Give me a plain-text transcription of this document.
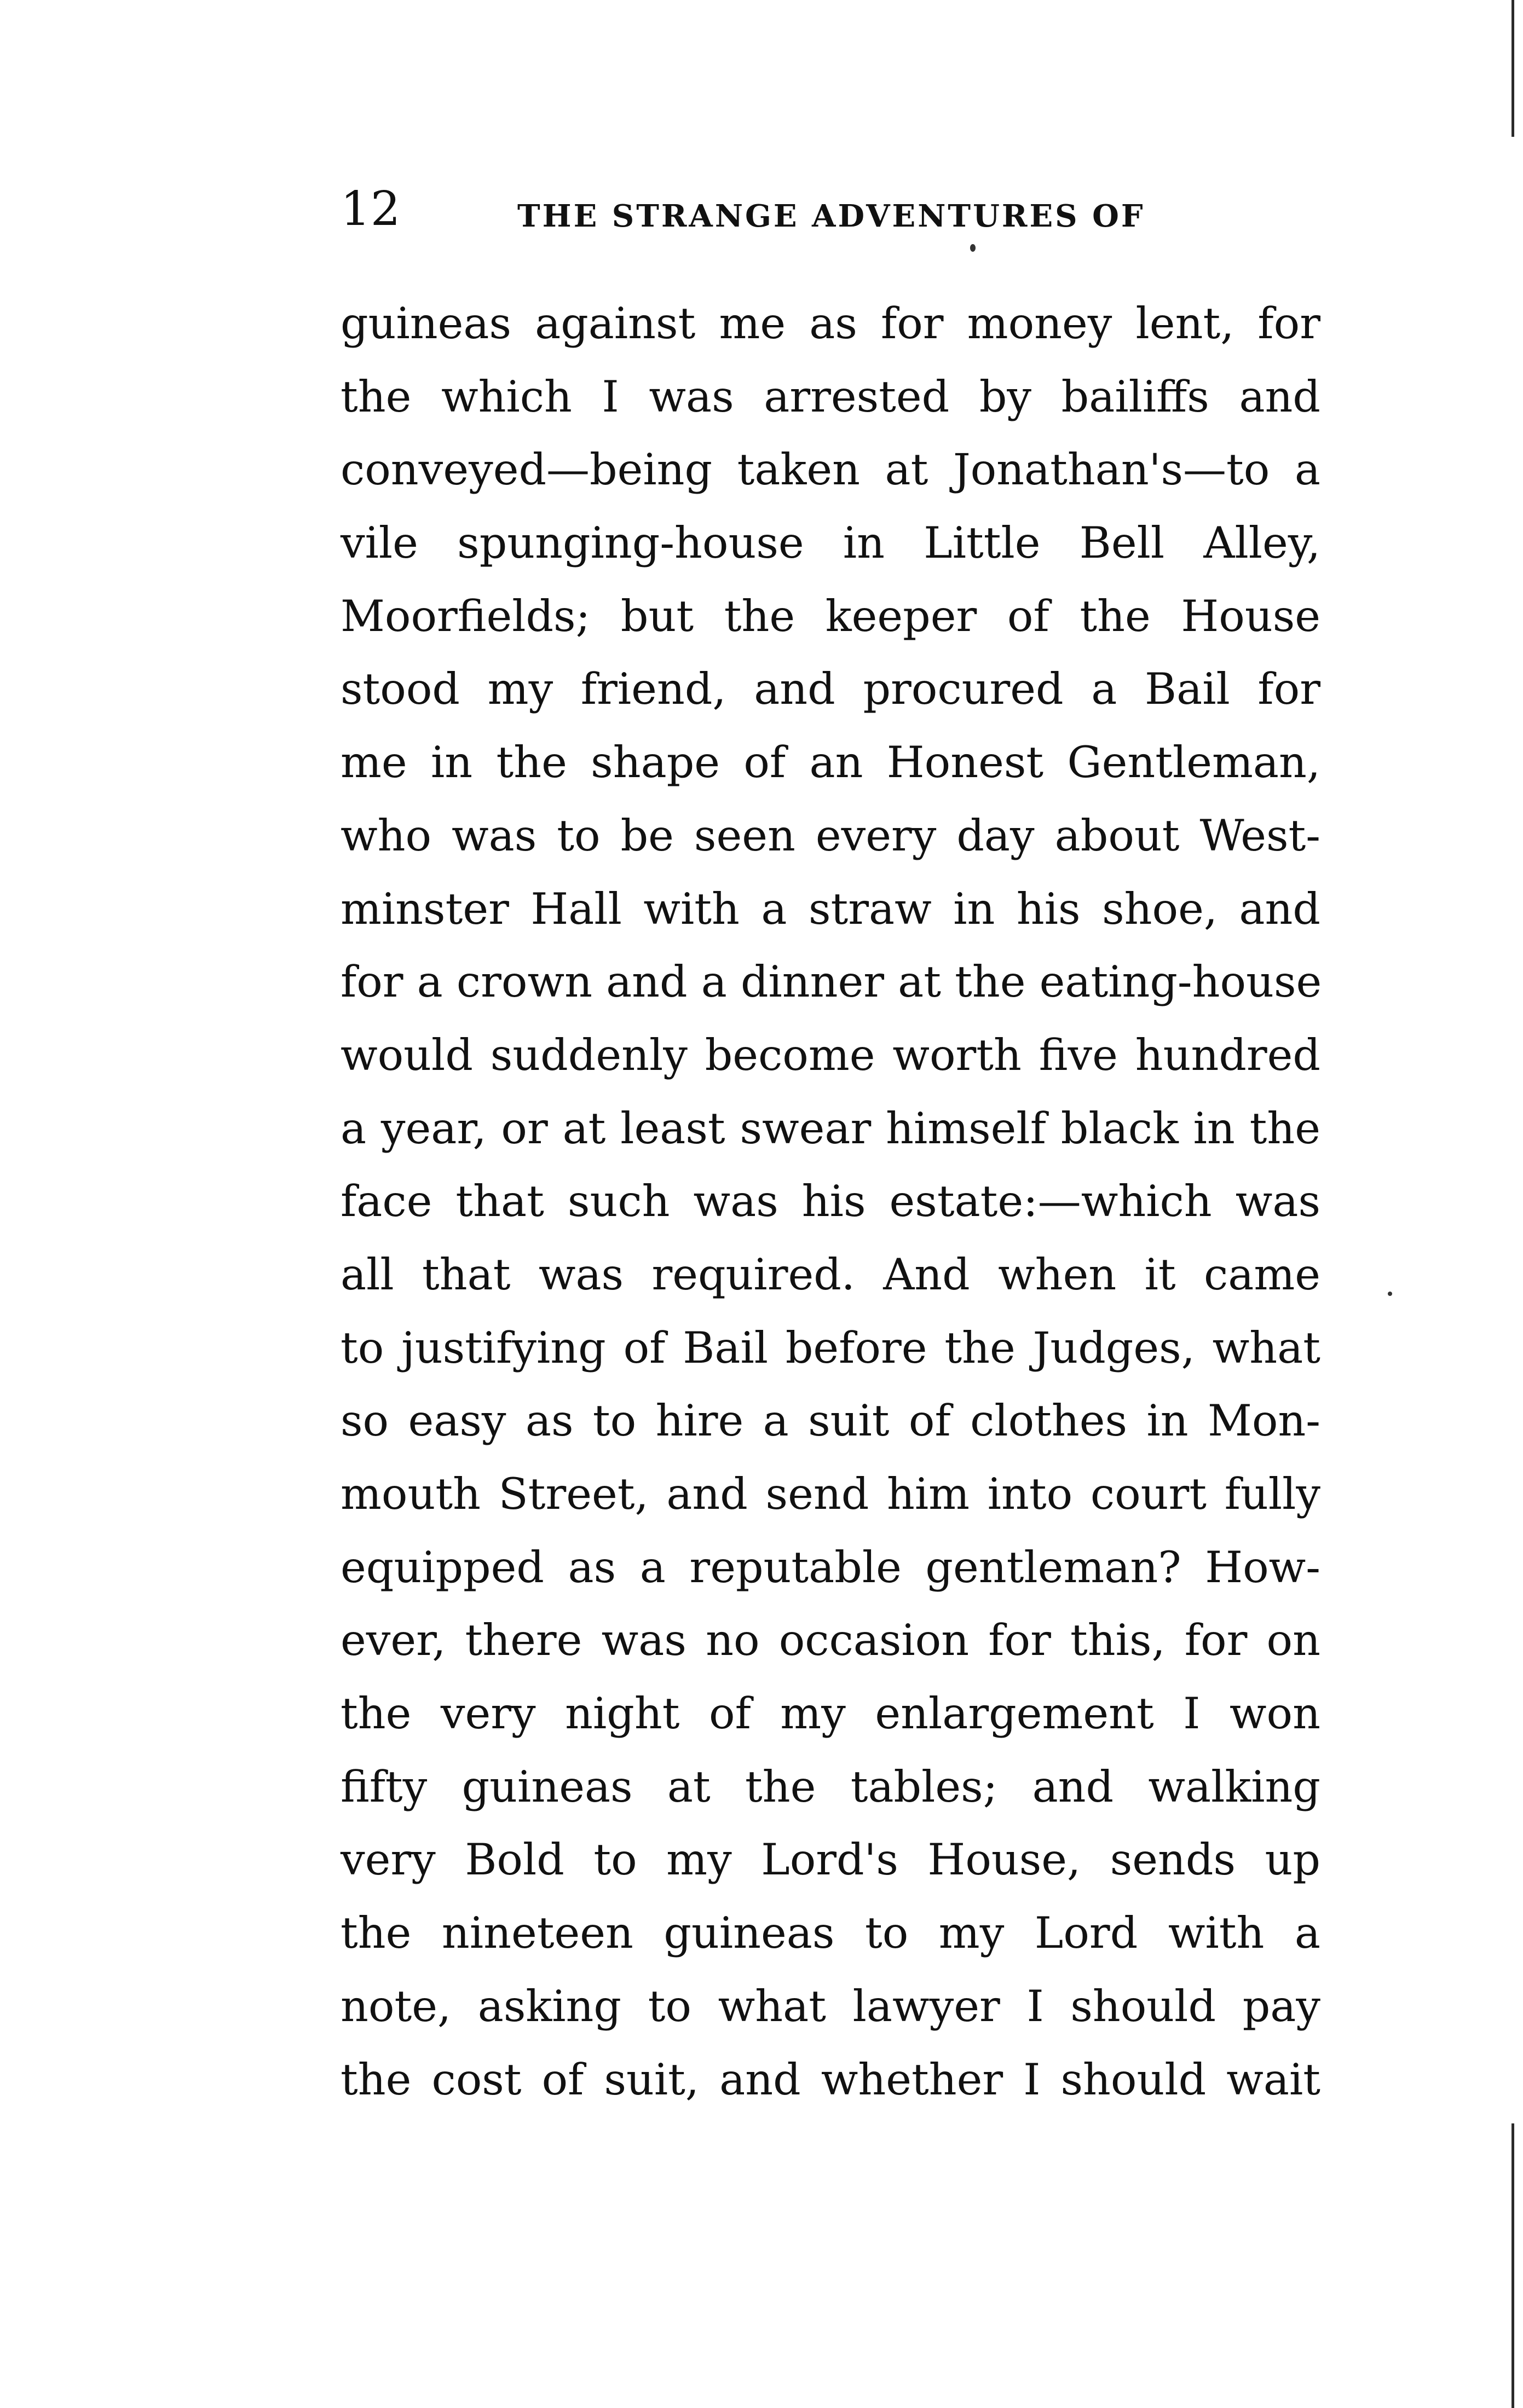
12	THE STRANGE ADVENTURES OF
guineas against me as for money lent, for
the which I was arrested by bailiffs and
conveyed—being taken at Jonathan's—to a
vile spunging-house in Little Bell Alley,
Moorfields; but the keeper of the House
stood my friend, and procured a Bail for
me in the shape of an Honest Gentleman,
who was to be seen every day about West-
minster Hall with a straw in his shoe, and
for a crown and a dinner at the eating-house
would suddenly become worth five hundred
a year, or at least swear himself black in the
face that such was his estate:—which was
all that was required. And when it came
to justifying of Bail before the Judges, what
so easy as to hire a suit of clothes in Mon-
mouth Street, and send him into court fully
equipped as a reputable gentleman? How-
ever, there was no occasion for this, for on
the very night of my enlargement I won
fifty guineas at the tables; and walking
very Bold to my Lord's House, sends up
the nineteen guineas to my Lord with a
note, asking to what lawyer I should pay
the cost of suit, and whether I should wait
